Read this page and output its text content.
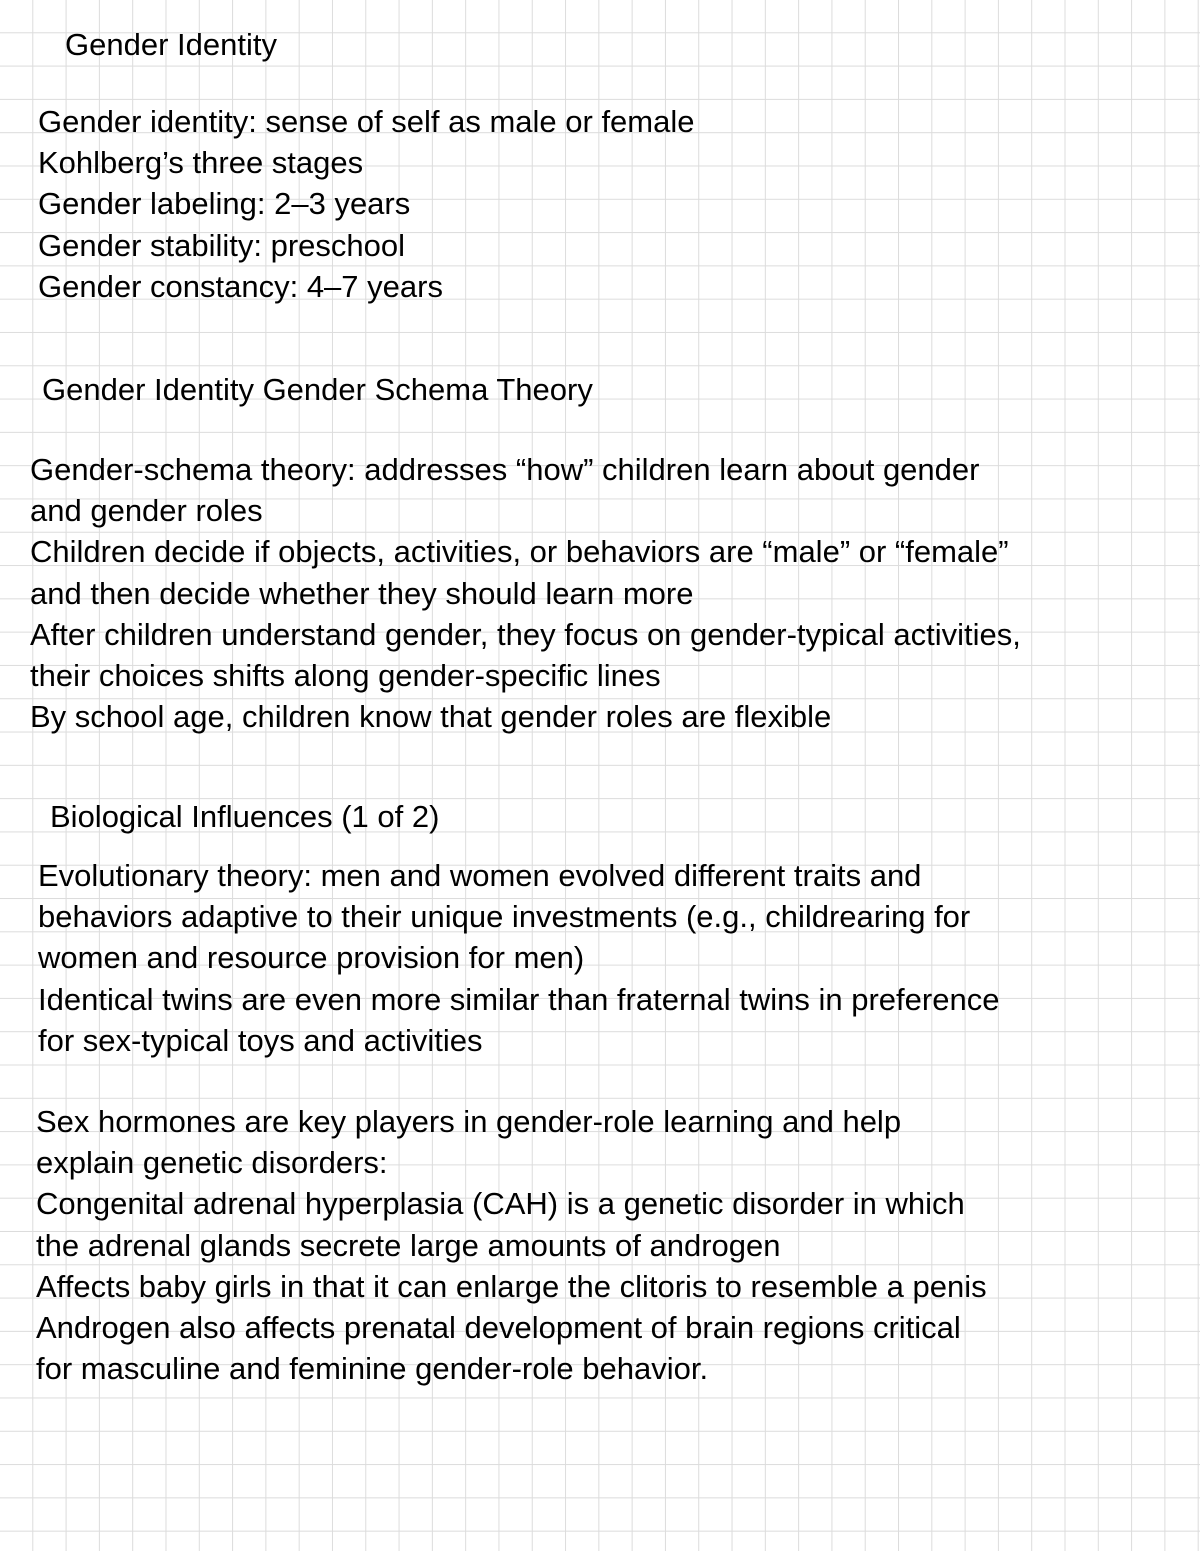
Gender Identity
Gender identity: sense of self as male or female
Kohlberg’s three stages
Gender labeling: 2–3 years
Gender stability: preschool
Gender constancy: 4–7 years
Gender Identity Gender Schema Theory
Gender-schema theory: addresses “how” children learn about gender
and gender roles
Children decide if objects, activities, or behaviors are “male” or “female”
and then decide whether they should learn more
After children understand gender, they focus on gender-typical activities,
their choices shifts along gender-specific lines
By school age, children know that gender roles are flexible
Biological Influences (1 of 2)
Evolutionary theory: men and women evolved different traits and
behaviors adaptive to their unique investments (e.g., childrearing for
women and resource provision for men)
Identical twins are even more similar than fraternal twins in preference
for sex-typical toys and activities
Sex hormones are key players in gender-role learning and help
explain genetic disorders:
Congenital adrenal hyperplasia (CAH) is a genetic disorder in which
the adrenal glands secrete large amounts of androgen
Affects baby girls in that it can enlarge the clitoris to resemble a penis
Androgen also affects prenatal development of brain regions critical
for masculine and feminine gender-role behavior.
